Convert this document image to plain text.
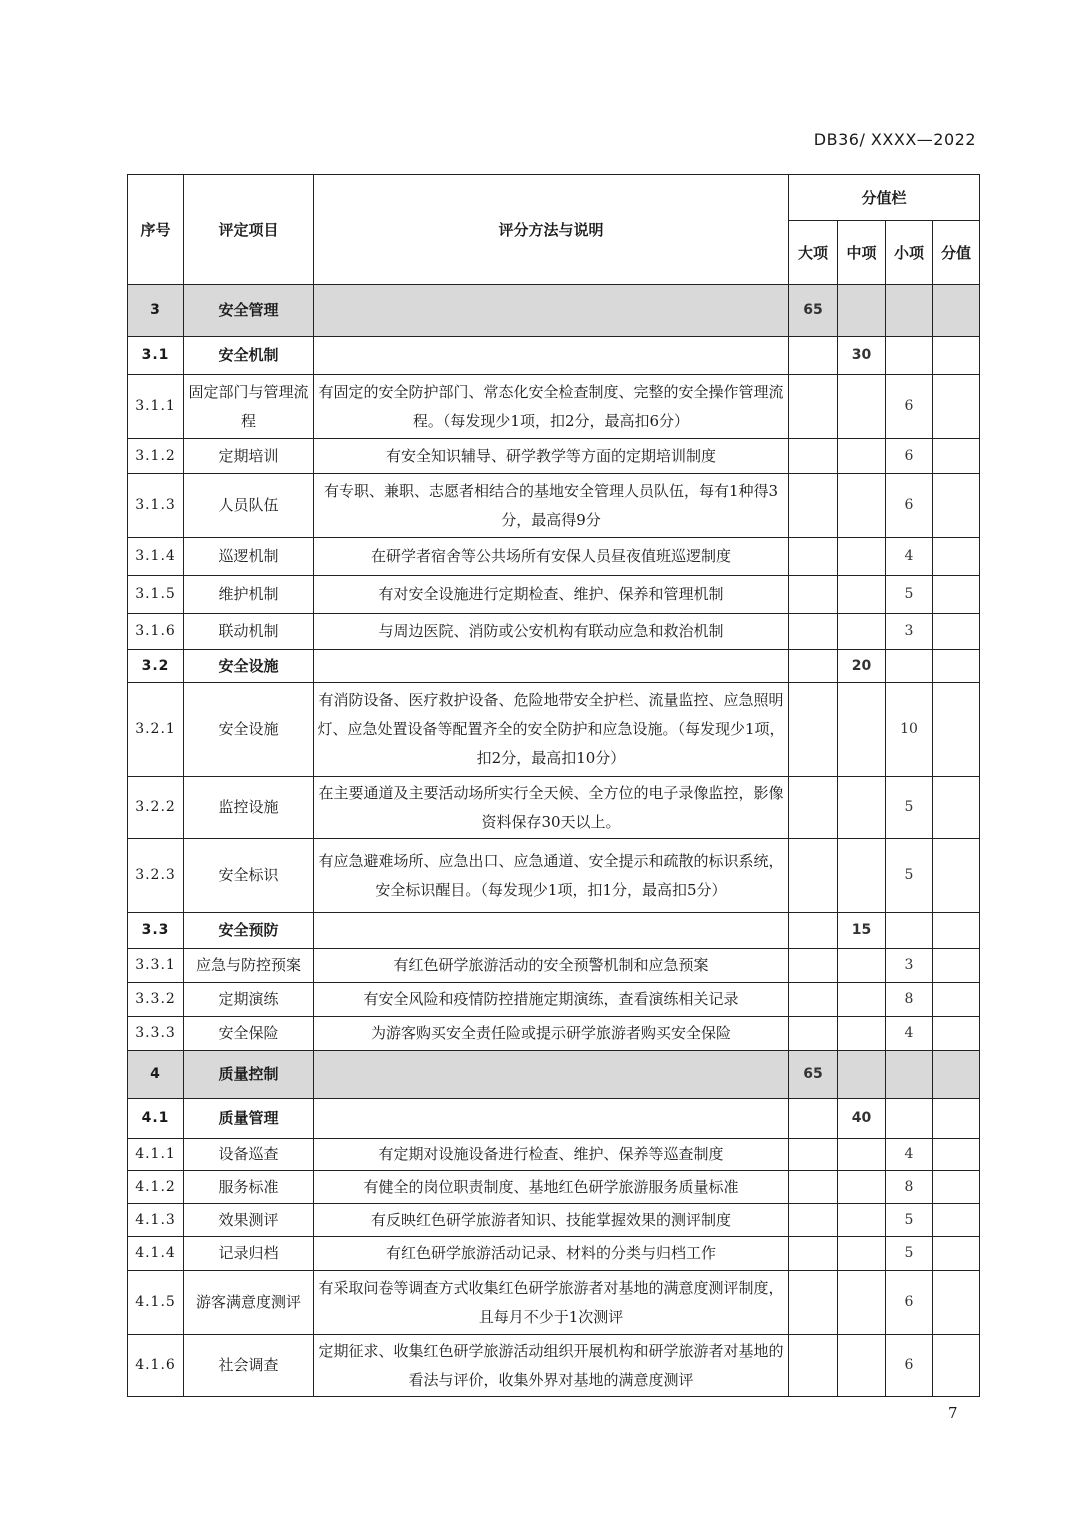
DB36/ XXXX—2022
序号	评定项目	评分方法与说明	分值栏			
			大项	中项	小项	分值
3	安全管理		65			
3.1	安全机制			30		
3.1.1	固定部门与管理流程	有固定的安全防护部门、常态化安全检查制度、完整的安全操作管理流程。（每发现少1项，扣2分，最高扣6分）			6	
3.1.2	定期培训	有安全知识辅导、研学教学等方面的定期培训制度			6	
3.1.3	人员队伍	有专职、兼职、志愿者相结合的基地安全管理人员队伍，每有1种得3分，最高得9分			6	
3.1.4	巡逻机制	在研学者宿舍等公共场所有安保人员昼夜值班巡逻制度			4	
3.1.5	维护机制	有对安全设施进行定期检查、维护、保养和管理机制			5	
3.1.6	联动机制	与周边医院、消防或公安机构有联动应急和救治机制			3	
3.2	安全设施			20		
3.2.1	安全设施	有消防设备、医疗救护设备、危险地带安全护栏、流量监控、应急照明灯、应急处置设备等配置齐全的安全防护和应急设施。（每发现少1项，扣2分，最高扣10分）			10	
3.2.2	监控设施	在主要通道及主要活动场所实行全天候、全方位的电子录像监控，影像资料保存30天以上。			5	
3.2.3	安全标识	有应急避难场所、应急出口、应急通道、安全提示和疏散的标识系统，安全标识醒目。（每发现少1项，扣1分，最高扣5分）			5	
3.3	安全预防			15		
3.3.1	应急与防控预案	有红色研学旅游活动的安全预警机制和应急预案			3	
3.3.2	定期演练	有安全风险和疫情防控措施定期演练，查看演练相关记录			8	
3.3.3	安全保险	为游客购买安全责任险或提示研学旅游者购买安全保险			4	
4	质量控制		65			
4.1	质量管理			40		
4.1.1	设备巡查	有定期对设施设备进行检查、维护、保养等巡查制度			4	
4.1.2	服务标准	有健全的岗位职责制度、基地红色研学旅游服务质量标准			8	
4.1.3	效果测评	有反映红色研学旅游者知识、技能掌握效果的测评制度			5	
4.1.4	记录归档	有红色研学旅游活动记录、材料的分类与归档工作			5	
4.1.5	游客满意度测评	有采取问卷等调查方式收集红色研学旅游者对基地的满意度测评制度，且每月不少于1次测评			6	
4.1.6	社会调查	定期征求、收集红色研学旅游活动组织开展机构和研学旅游者对基地的看法与评价，收集外界对基地的满意度测评			6	
7
